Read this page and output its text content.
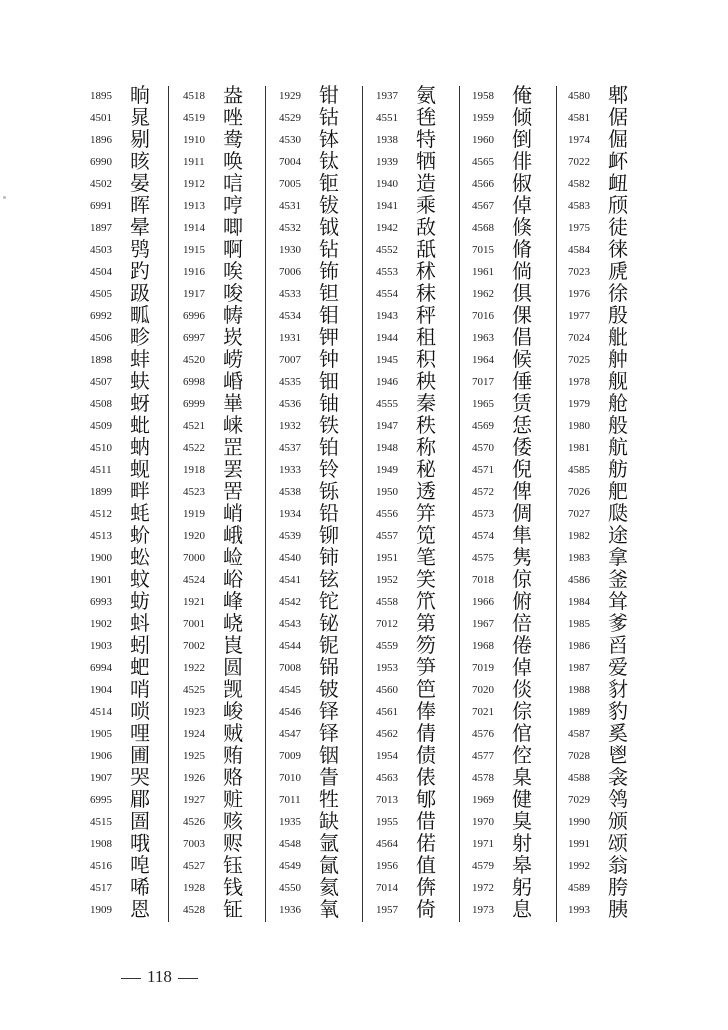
1895 晌
4501 晁
1896 剔
6990 晐
4502 晏
6991 晖
1897 晕
4503 鸮
4504 趵
4505 趿
6992 畖
4506 畛
1898 蚌
4507 蚨
4508 蚜
4509 蚍
4510 蚋
4511 蚬
1899 畔
4512 蚝
4513 蚧
1900 蚣
1901 蚊
6993 蚄
1902 蚪
1903 蚓
6994 蚆
1904 哨
4514 唢
1905 哩
1906 圃
1907 哭
6995 郿
4515 圄
1908 哦
4516 唣
4517 唏
1909 恩
4518 盎
4519 唑
1910 鸯
1911 唤
1912 唁
1913 哼
1914 唧
1915 啊
1916 唉
1917 唆
6996 帱
6997 崁
4520 崂
6998 崏
6999 崋
4521 崃
4522 罡
1918 罢
4523 罟
1919 峭
1920 峨
7000 崄
4524 峪
1921 峰
7001 峣
7002 崀
1922 圆
4525 觊
1923 峻
1924 贼
1925 贿
1926 赂
1927 赃
4526 赅
7003 赆
4527 钰
1928 钱
4528 钲
1929 钳
4529 钴
4530 钵
7004 钛
7005 钷
4531 钹
4532 钺
1930 钻
7006 钸
4533 钽
4534 钼
1931 钾
7007 钟
4535 钿
4536 铀
1932 铁
4537 铂
1933 铃
4538 铄
1934 铅
4539 铆
4540 铈
4541 铉
4542 铊
4543 铋
4544 铌
7008 铞
4545 铍
4546 铎
4547 铎
7009 铟
7010 眚
7011 牲
1935 缺
4548 氩
4549 氤
4550 氦
1936 氧
1937 氨
4551 毪
1938 特
1939 牺
1940 造
1941 乘
1942 敌
4552 舐
4553 秫
4554 秣
1943 秤
1944 租
1945 积
1946 秧
4555 秦
1947 秩
1948 称
1949 秘
1950 透
4556 笄
4557 笕
1951 笔
1952 笑
4558 笊
7012 第
4559 笏
1953 笋
4560 笆
4561 俸
4562 倩
1954 债
4563 俵
7013 郇
1955 借
4564 偌
1956 值
7014 倴
1957 倚
1958 俺
1959 倾
1960 倒
4565 俳
4566 俶
4567 倬
4568 倏
7015 脩
1961 倘
1962 俱
7016 倮
1963 倡
1964 候
7017 倕
1965 赁
4569 恁
4570 倭
4571 倪
4572 俾
4573 倜
4574 隼
4575 隽
7018 倞
1966 俯
1967 倍
1968 倦
7019 倬
7020 倓
7021 倧
4576 倌
4577 倥
4578 臬
1969 健
1970 臭
1971 射
4579 皋
1972 躬
1973 息
4580 郫
4581 倨
1974 倔
7022 衃
4582 衄
4583 颀
1975 徒
4584 徕
7023 虒
1976 徐
1977 殷
7024 舭
7025 舯
1978 舰
1979 舱
1980 般
1981 航
4585 舫
7026 舥
7027 瓞
1982 途
1983 拿
4586 釜
1984 耸
1985 爹
1986 舀
1987 爱
1988 豺
1989 豹
4587 奚
7028 鬯
4588 衾
7029 鸰
1990 颁
1991 颂
1992 翁
4589 胯
1993 胰

118
